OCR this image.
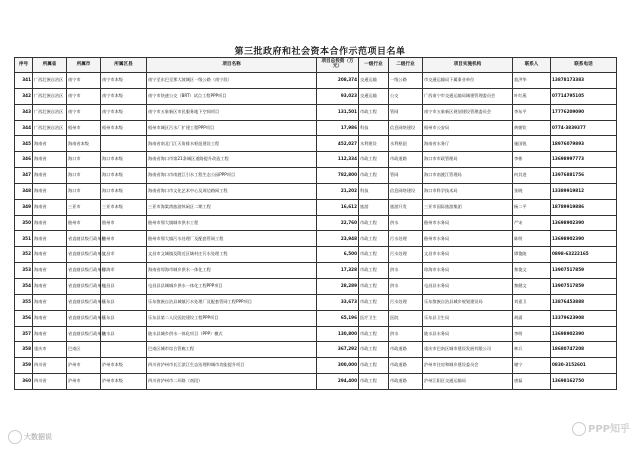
第三批政府和社会资本合作示范项目名单
序号	所属省	所属市	所属区县	项目名称	项目总投资（万元）	一级行业	二级行业	项目实施机构	联系人	联系电话
341	广西壮族自治区	南宁市	南宁市本级	南宁至东巴至那大坡城区一级公路（南宁段）	208,374	交通运输	一级公路	市交通运输局下属事业单位	莫洪华	13878173383
342	广西壮族自治区	南宁市	南宁市本级	南宁市快速公交（BRT）试点工程PPP项目	93,023	交通运输	公交	广西南宁市交通运输局城建管理委员会	叶红燕	07714795105
343	广西壮族自治区	南宁市	南宁市本级	南宁市五象新区市民服务地下空间项目	131,501	市政工程	管网	南宁市五象新区规划建设管理委员会	李东平	17776209090
344	广西壮族自治区	梧州市	梧州市本级	梧州市城区污水厂扩建工程PPP项目	17,986	科技	信息网络建设	梧州市公安局	黄朝钦	0774-3839377
345	海南省	海南省本级		海南省南北门江天角排水枢纽建设工程	452,027	水利建设	水利枢纽	海南省水务厅	施国锐	18976079893
346	海南省	海口市	海口市本级	海南省海口市第21条城区道路提升改造工程	112,334	市政工程	市政道路	海口市市政管理局	李彬	13698997773
347	海南省	海口市	海口市本级	海南省海口市南渡江引水工程生态公园PPP项目	782,800	市政工程	管网	海口市南渡江管理局	何其进	13976881756
348	海南省	海口市	海口市本级	海南省海口市文化艺术中心及周边路网工程	21,202	科技	信息网络建设	海口市科学技术局	张晓	13389919812
349	海南省	三亚市	三亚市本级	三亚市海棠湾旅游休闲区二期工程	16,612	旅游	旅游开发	三亚市国际旅游集团	杨二平	18789919886
350	海南省	儋州市	儋州市	儋州市那大镇城市供水工程	22,760	市政工程	供水	儋州市水务局	严宋	13698902390
351	海南省	省直辖县级行政单位	儋州市	儋州市那大镇污水处理厂及配套管网工程	23,948	市政工程	污水处理	儋州市水务局	陈明	13698902390
352	海南省	省直辖县级行政单位	文昌市	文昌市文城镇及附近区域村庄污水处理工程	6,500	市政工程	污水处理	文昌市水务局	谭俊陵	0898-63222165
353	海南省	省直辖县级行政单位	琼海市	海南省琼海市城乡供水一体化工程	17,328	市政工程	供水	琼海市水务局	黎俊文	13907517859
354	海南省	省直辖县级行政单位	屯昌县	屯昌县县城城乡供水一体化工程PPP项目	28,289	市政工程	供水	屯昌县水务局	黎健文	13907517859
355	海南省	省直辖县级行政单位	乐东县	乐东黎族自治县城镇污水处理厂及配套管网工程PPP项目	33,673	市政工程	污水处理	乐东黎族自治县城乡规划建设局	刘嘉卫	13876453888
356	海南省	省直辖县级行政单位	乐东县	乐东县第二人民医院建设工程PPP项目	65,196	医疗卫生	医院	乐东县卫生局	胡涌	13379623908
357	海南省	省直辖县级行政单位	陵水县	陵水县城乡供水一体化项目（PPP）模式	130,800	市政工程	供水	陵水县水务局	李明	13698902390
358	重庆市	巴南区		巴南区城市综合管廊工程	367,292	市政工程	市政道路	重庆市巴南区城市建设发展有限公司	林兵	18680747208
359	四川省	泸州市	泸州市本级	四川省泸州市长江滨江生态治理和城市功能提升项目	300,000	市政工程	市政道路	泸州市住房和城乡建设委员会	谢宁	0830-3152601
360	四川省	泸州市	泸州市本级	四川省泸州市二环路（南段）	294,400	市政工程	市政道路	泸州江阳区交通运输局	唐磊	13698162750
大数据说
PPP知乎
